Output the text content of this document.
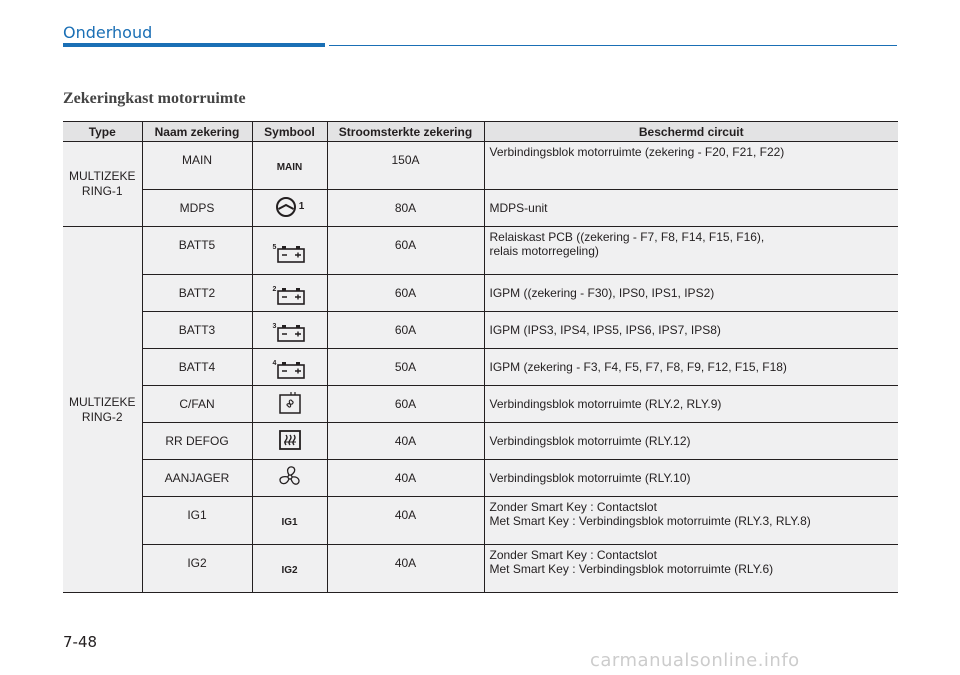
Onderhoud
Zekeringkast motorruimte
Type	Naam zekering	Symbool	Stroomsterkte zekering	Beschermd circuit
MULTIZEKE
RING-1	MAIN	MAIN	150A	Verbindingsblok motorruimte (zekering - F20, F21, F22)

	MDPS	1	80A	MDPS-unit

MULTIZEKE
RING-2	BATT5	5	60A	Relaiskast PCB ((zekering - F7, F8, F14, F15, F16),
relais motorregeling)

	BATT2	2	60A	IGPM ((zekering - F30), IPS0, IPS1, IPS2)

	BATT3	3	60A	IGPM (IPS3, IPS4, IPS5, IPS6, IPS7, IPS8)

	BATT4	4	50A	IGPM (zekering - F3, F4, F5, F7, F8, F9, F12, F15, F18)

	C/FAN		60A	Verbindingsblok motorruimte (RLY.2, RLY.9)

	RR DEFOG		40A	Verbindingsblok motorruimte (RLY.12)

	AANJAGER		40A	Verbindingsblok motorruimte (RLY.10)

	IG1	IG1	40A	Zonder Smart Key : Contactslot
Met Smart Key : Verbindingsblok motorruimte (RLY.3, RLY.8)

	IG2	IG2	40A	Zonder Smart Key : Contactslot
Met Smart Key : Verbindingsblok motorruimte (RLY.6)

7-48

carmanualsonline.info
